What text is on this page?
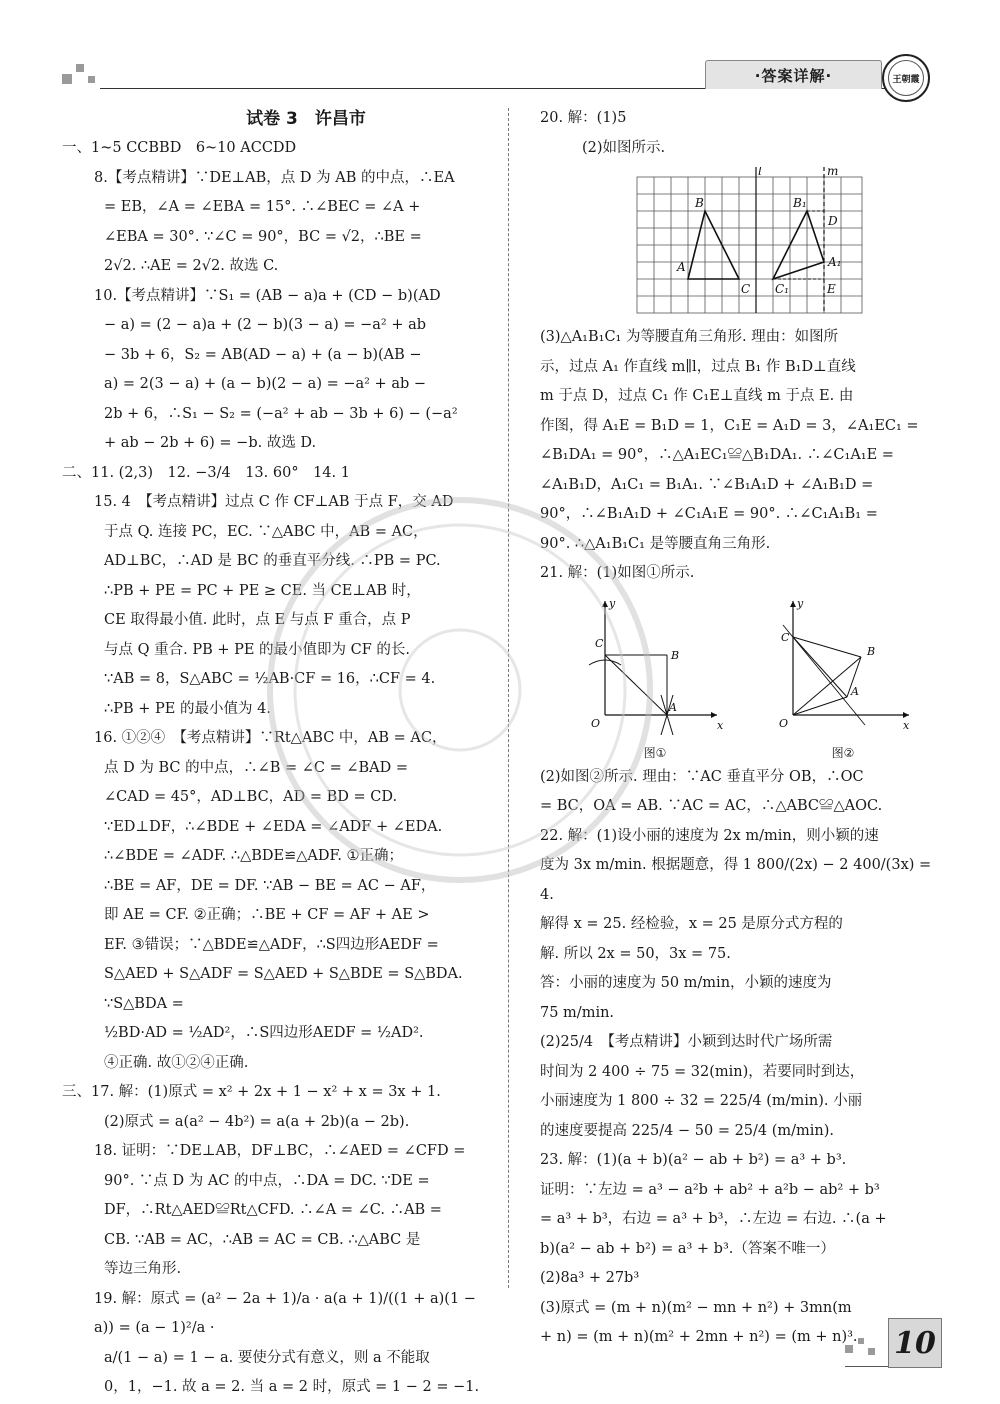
·答案详解·	王朝霞
试卷 3　许昌市

一、1~5 CCBBD　6~10 ACCDD

8.【考点精讲】∵DE⊥AB，点 D 为 AB 的中点，∴EA

= EB，∠A = ∠EBA = 15°. ∴∠BEC = ∠A +

∠EBA = 30°. ∵∠C = 90°，BC = √2，∴BE =

2√2. ∴AE = 2√2. 故选 C.

10.【考点精讲】∵S₁ = (AB − a)a + (CD − b)(AD

− a) = (2 − a)a + (2 − b)(3 − a) = −a² + ab

− 3b + 6，S₂ = AB(AD − a) + (a − b)(AB −

a) = 2(3 − a) + (a − b)(2 − a) = −a² + ab −

2b + 6，∴S₁ − S₂ = (−a² + ab − 3b + 6) − (−a²

+ ab − 2b + 6) = −b. 故选 D.

二、11. (2,3)　12. −3/4　13. 60°　14. 1

15. 4　【考点精讲】过点 C 作 CF⊥AB 于点 F，交 AD

于点 Q. 连接 PC，EC. ∵△ABC 中，AB = AC，

AD⊥BC，∴AD 是 BC 的垂直平分线. ∴PB = PC.

∴PB + PE = PC + PE ≥ CE. 当 CE⊥AB 时，

CE 取得最小值. 此时，点 E 与点 F 重合，点 P

与点 Q 重合. PB + PE 的最小值即为 CF 的长.

∵AB = 8，S△ABC = ½AB·CF = 16，∴CF = 4.

∴PB + PE 的最小值为 4.

16. ①②④　【考点精讲】∵Rt△ABC 中，AB = AC，

点 D 为 BC 的中点，∴∠B = ∠C = ∠BAD =

∠CAD = 45°，AD⊥BC，AD = BD = CD.

∵ED⊥DF，∴∠BDE + ∠EDA = ∠ADF + ∠EDA.

∴∠BDE = ∠ADF. ∴△BDE≌△ADF. ①正确；

∴BE = AF，DE = DF. ∵AB − BE = AC − AF，

即 AE = CF. ②正确；∴BE + CF = AF + AE >

EF. ③错误；∵△BDE≌△ADF，∴S四边形AEDF =

S△AED + S△ADF = S△AED + S△BDE = S△BDA. ∵S△BDA =

½BD·AD = ½AD²，∴S四边形AEDF = ½AD².

④正确. 故①②④正确.

三、17. 解：(1)原式 = x² + 2x + 1 − x² + x = 3x + 1.

(2)原式 = a(a² − 4b²) = a(a + 2b)(a − 2b).

18. 证明：∵DE⊥AB，DF⊥BC，∴∠AED = ∠CFD =

90°. ∵点 D 为 AC 的中点，∴DA = DC. ∵DE =

DF，∴Rt△AED≌Rt△CFD. ∴∠A = ∠C. ∴AB =

CB. ∵AB = AC，∴AB = AC = CB. ∴△ABC 是

等边三角形.

19. 解：原式 = (a² − 2a + 1)/a · a(a + 1)/((1 + a)(1 − a)) = (a − 1)²/a ·

a/(1 − a) = 1 − a. 要使分式有意义，则 a 不能取

0，1，−1. 故 a = 2. 当 a = 2 时，原式 = 1 − 2 = −1.

20. 解：(1)5

(2)如图所示.

l	m
B	B₁
D
A	A₁
C C₁	E

(3)△A₁B₁C₁ 为等腰直角三角形. 理由：如图所

示，过点 A₁ 作直线 m∥l，过点 B₁ 作 B₁D⊥直线

m 于点 D，过点 C₁ 作 C₁E⊥直线 m 于点 E. 由

作图，得 A₁E = B₁D = 1，C₁E = A₁D = 3，∠A₁EC₁ =

∠B₁DA₁ = 90°，∴△A₁EC₁≌△B₁DA₁. ∴∠C₁A₁E =

∠A₁B₁D，A₁C₁ = B₁A₁. ∵∠B₁A₁D + ∠A₁B₁D =

90°，∴∠B₁A₁D + ∠C₁A₁E = 90°. ∴∠C₁A₁B₁ =

90°. ∴△A₁B₁C₁ 是等腰直角三角形.

21. 解：(1)如图①所示.

y
C
B
O
A
x
图①
y
C
B
O
A
x
图②

(2)如图②所示. 理由：∵AC 垂直平分 OB，∴OC

= BC，OA = AB. ∵AC = AC，∴△ABC≌△AOC.

22. 解：(1)设小丽的速度为 2x m/min，则小颖的速

度为 3x m/min. 根据题意，得 1 800/(2x) − 2 400/(3x) = 4.

解得 x = 25. 经检验，x = 25 是原分式方程的

解. 所以 2x = 50，3x = 75.

答：小丽的速度为 50 m/min，小颖的速度为

75 m/min.

(2)25/4　【考点精讲】小颖到达时代广场所需

时间为 2 400 ÷ 75 = 32(min)，若要同时到达，

小丽速度为 1 800 ÷ 32 = 225/4 (m/min). 小丽

的速度要提高 225/4 − 50 = 25/4 (m/min).

23. 解：(1)(a + b)(a² − ab + b²) = a³ + b³.

证明：∵左边 = a³ − a²b + ab² + a²b − ab² + b³

= a³ + b³，右边 = a³ + b³，∴左边 = 右边. ∴(a +

b)(a² − ab + b²) = a³ + b³.（答案不唯一）

(2)8a³ + 27b³

(3)原式 = (m + n)(m² − mn + n²) + 3mn(m

+ n) = (m + n)(m² + 2mn + n²) = (m + n)³.	10
